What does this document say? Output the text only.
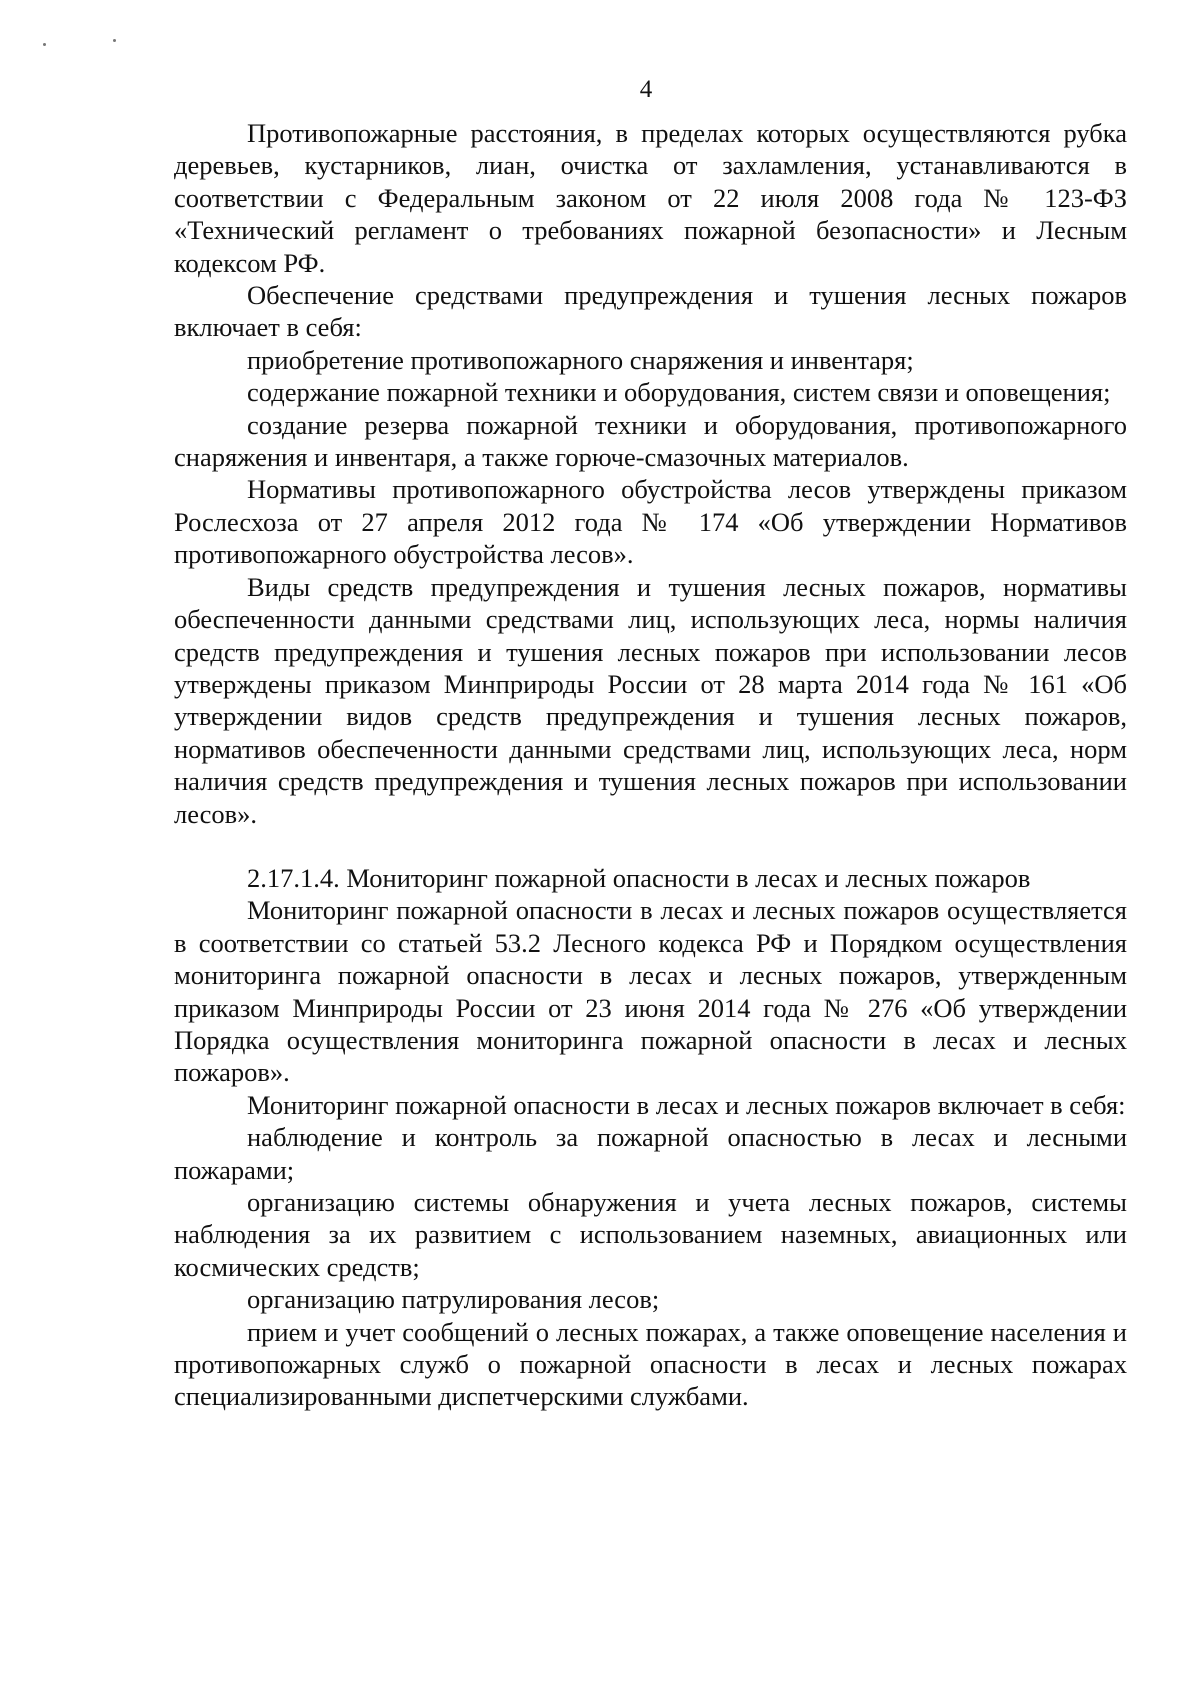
4

Противопожарные расстояния, в пределах которых осуществляются рубка деревьев, кустарников, лиан, очистка от захламления, устанавливаются в соответствии с Федеральным законом от 22 июля 2008 года № 123-ФЗ «Технический регламент о требованиях пожарной безопасности» и Лесным кодексом РФ.

Обеспечение средствами предупреждения и тушения лесных пожаров включает в себя:

приобретение противопожарного снаряжения и инвентаря;

содержание пожарной техники и оборудования, систем связи и оповещения;

создание резерва пожарной техники и оборудования, противопожарного снаряжения и инвентаря, а также горюче-смазочных материалов.

Нормативы противопожарного обустройства лесов утверждены приказом Рослесхоза от 27 апреля 2012 года № 174 «Об утверждении Нормативов противопожарного обустройства лесов».

Виды средств предупреждения и тушения лесных пожаров, нормативы обеспеченности данными средствами лиц, использующих леса, нормы наличия средств предупреждения и тушения лесных пожаров при использовании лесов утверждены приказом Минприроды России от 28 марта 2014 года № 161 «Об утверждении видов средств предупреждения и тушения лесных пожаров, нормативов обеспеченности данными средствами лиц, использующих леса, норм наличия средств предупреждения и тушения лесных пожаров при использовании лесов».

2.17.1.4. Мониторинг пожарной опасности в лесах и лесных пожаров

Мониторинг пожарной опасности в лесах и лесных пожаров осуществляется в соответствии со статьей 53.2 Лесного кодекса РФ и Порядком осуществления мониторинга пожарной опасности в лесах и лесных пожаров, утвержденным приказом Минприроды России от 23 июня 2014 года № 276 «Об утверждении Порядка осуществления мониторинга пожарной опасности в лесах и лесных пожаров».

Мониторинг пожарной опасности в лесах и лесных пожаров включает в себя:

наблюдение и контроль за пожарной опасностью в лесах и лесными пожарами;

организацию системы обнаружения и учета лесных пожаров, системы наблюдения за их развитием с использованием наземных, авиационных или космических средств;

организацию патрулирования лесов;

прием и учет сообщений о лесных пожарах, а также оповещение населения и противопожарных служб о пожарной опасности в лесах и лесных пожарах специализированными диспетчерскими службами.
